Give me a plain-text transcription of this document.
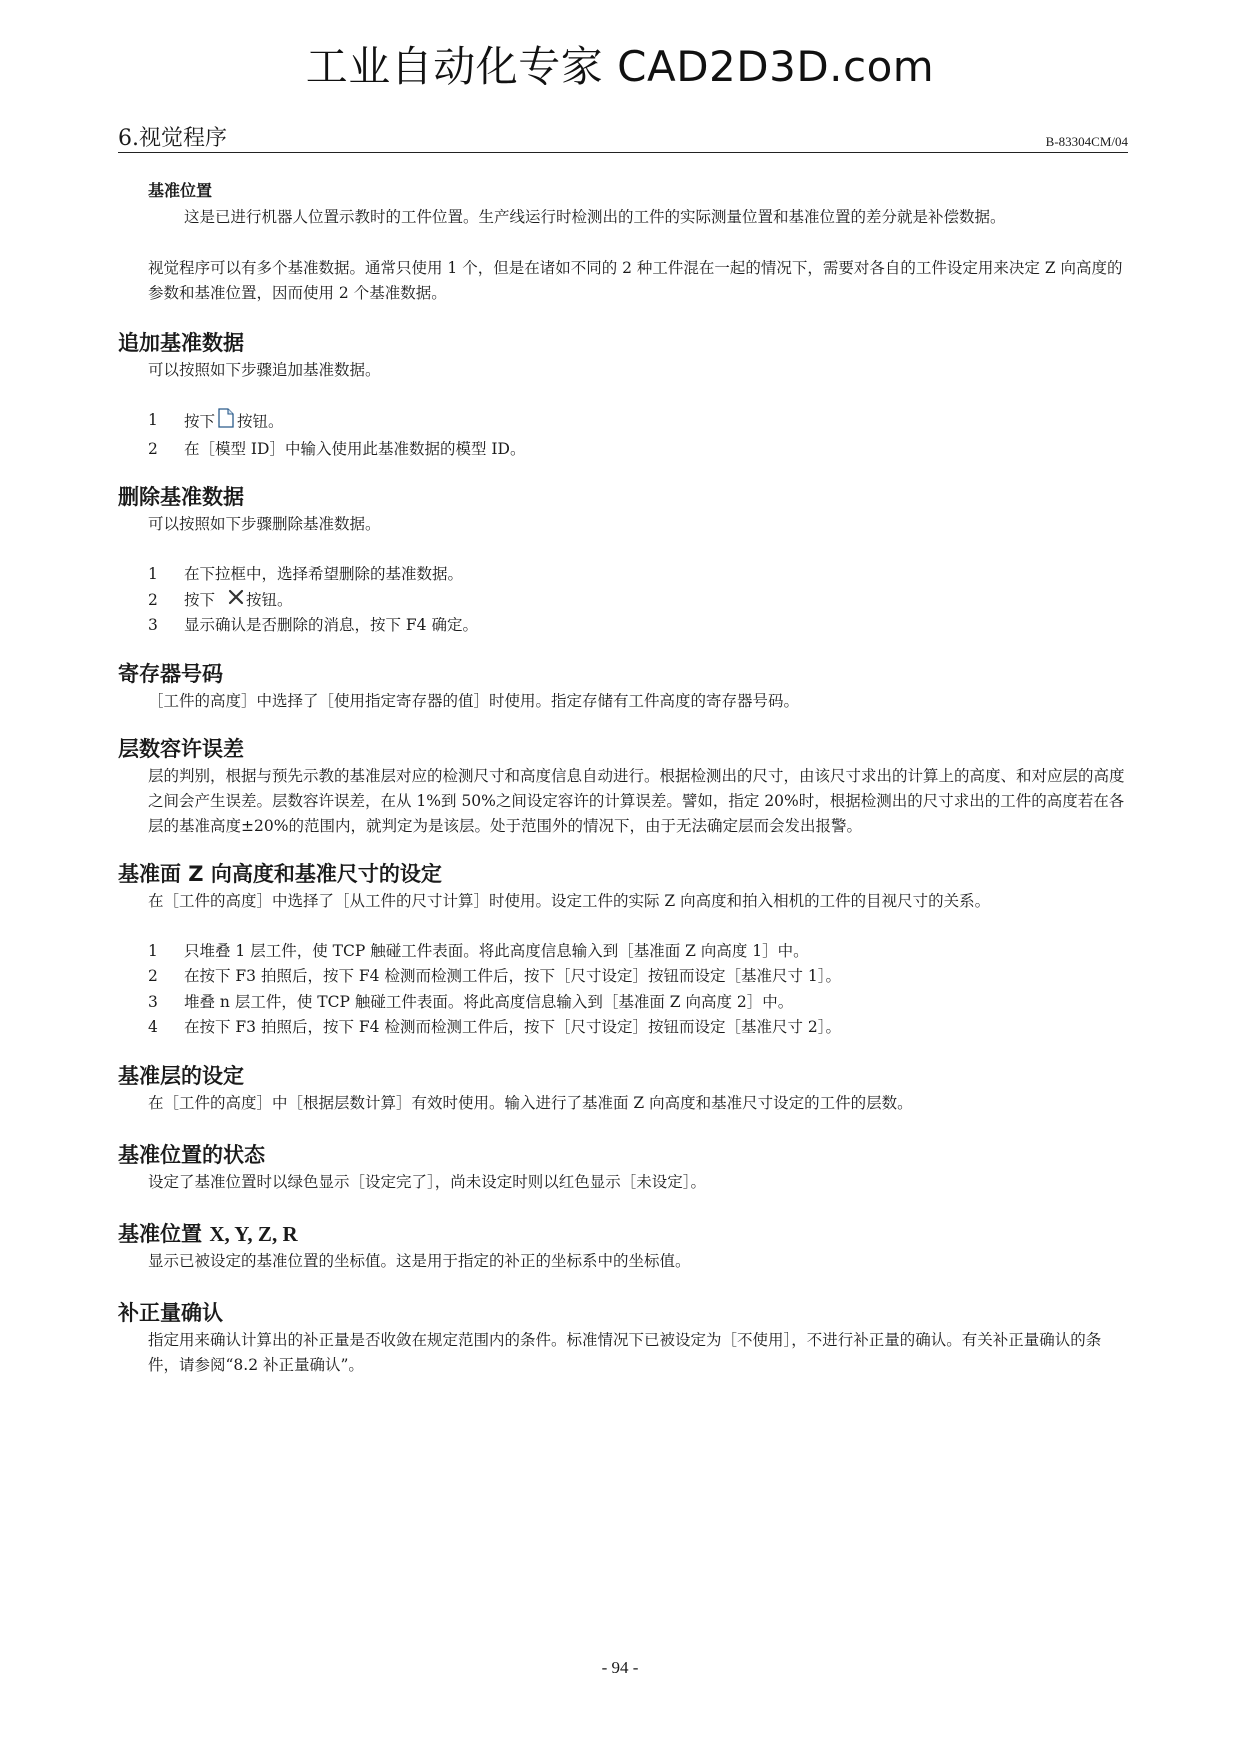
工业自动化专家 CAD2D3D.com
6.视觉程序	B-83304CM/04
基准位置
这是已进行机器人位置示教时的工件位置。生产线运行时检测出的工件的实际测量位置和基准位置的差分就是补偿数据。
视觉程序可以有多个基准数据。通常只使用 1 个，但是在诸如不同的 2 种工件混在一起的情况下，需要对各自的工件设定用来决定 Z 向高度的参数和基准位置，因而使用 2 个基准数据。
追加基准数据
可以按照如下步骤追加基准数据。
1	按下 按钮。
2	在［模型 ID］中输入使用此基准数据的模型 ID。
删除基准数据
可以按照如下步骤删除基准数据。
1	在下拉框中，选择希望删除的基准数据。
2	按下 按钮。
3	显示确认是否删除的消息，按下 F4 确定。
寄存器号码
［工件的高度］中选择了［使用指定寄存器的值］时使用。指定存储有工件高度的寄存器号码。
层数容许误差
层的判别，根据与预先示教的基准层对应的检测尺寸和高度信息自动进行。根据检测出的尺寸，由该尺寸求出的计算上的高度、和对应层的高度之间会产生误差。层数容许误差，在从 1%到 50%之间设定容许的计算误差。譬如，指定 20%时，根据检测出的尺寸求出的工件的高度若在各层的基准高度±20%的范围内，就判定为是该层。处于范围外的情况下，由于无法确定层而会发出报警。
基准面 Z 向高度和基准尺寸的设定
在［工件的高度］中选择了［从工件的尺寸计算］时使用。设定工件的实际 Z 向高度和拍入相机的工件的目视尺寸的关系。
1	只堆叠 1 层工件，使 TCP 触碰工件表面。将此高度信息输入到［基准面 Z 向高度 1］中。
2	在按下 F3 拍照后，按下 F4 检测而检测工件后，按下［尺寸设定］按钮而设定［基准尺寸 1］。
3	堆叠 n 层工件，使 TCP 触碰工件表面。将此高度信息输入到［基准面 Z 向高度 2］中。
4	在按下 F3 拍照后，按下 F4 检测而检测工件后，按下［尺寸设定］按钮而设定［基准尺寸 2］。
基准层的设定
在［工件的高度］中［根据层数计算］有效时使用。输入进行了基准面 Z 向高度和基准尺寸设定的工件的层数。
基准位置的状态
设定了基准位置时以绿色显示［设定完了］，尚未设定时则以红色显示［未设定］。
基准位置 X, Y, Z, R
显示已被设定的基准位置的坐标值。这是用于指定的补正的坐标系中的坐标值。
补正量确认
指定用来确认计算出的补正量是否收敛在规定范围内的条件。标准情况下已被设定为［不使用］，不进行补正量的确认。有关补正量确认的条件，请参阅“8.2 补正量确认”。
- 94 -
